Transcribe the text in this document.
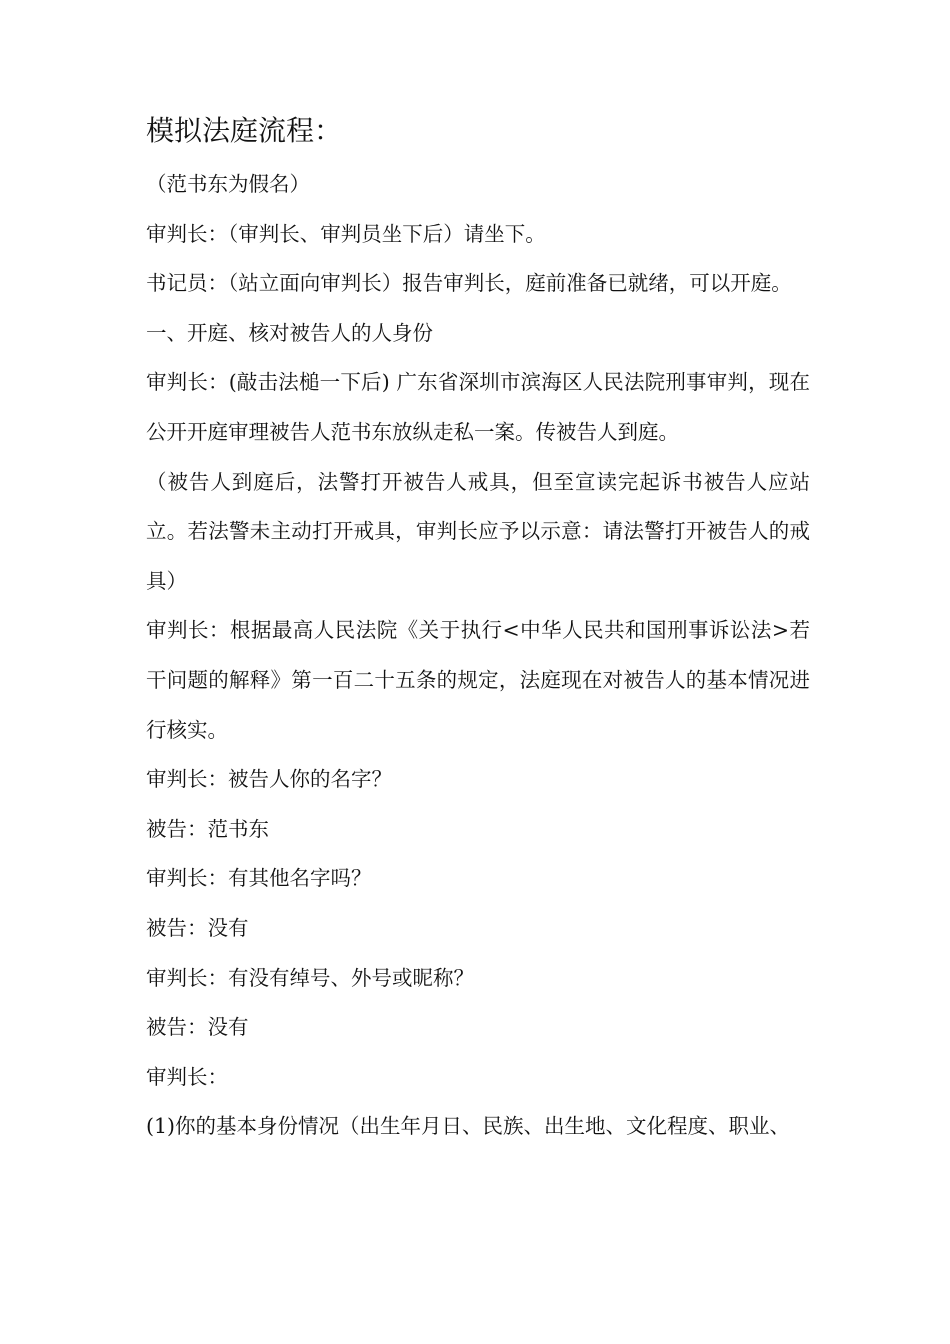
模拟法庭流程：

（范书东为假名）

审判长：（审判长、审判员坐下后）请坐下。

书记员：（站立面向审判长）报告审判长，庭前准备已就绪，可以开庭。

一、开庭、核对被告人的人身份

审判长：(敲击法槌一下后) 广东省深圳市滨海区人民法院刑事审判，现在公开开庭审理被告人范书东放纵走私一案。传被告人到庭。

（被告人到庭后，法警打开被告人戒具，但至宣读完起诉书被告人应站立。若法警未主动打开戒具，审判长应予以示意：请法警打开被告人的戒具）

审判长：根据最高人民法院《关于执行<中华人民共和国刑事诉讼法>若干问题的解释》第一百二十五条的规定，法庭现在对被告人的基本情况进行核实。

审判长：被告人你的名字？

被告：范书东

审判长：有其他名字吗？

被告：没有

审判长：有没有绰号、外号或昵称？

被告：没有

审判长：

(1)你的基本身份情况（出生年月日、民族、出生地、文化程度、职业、
